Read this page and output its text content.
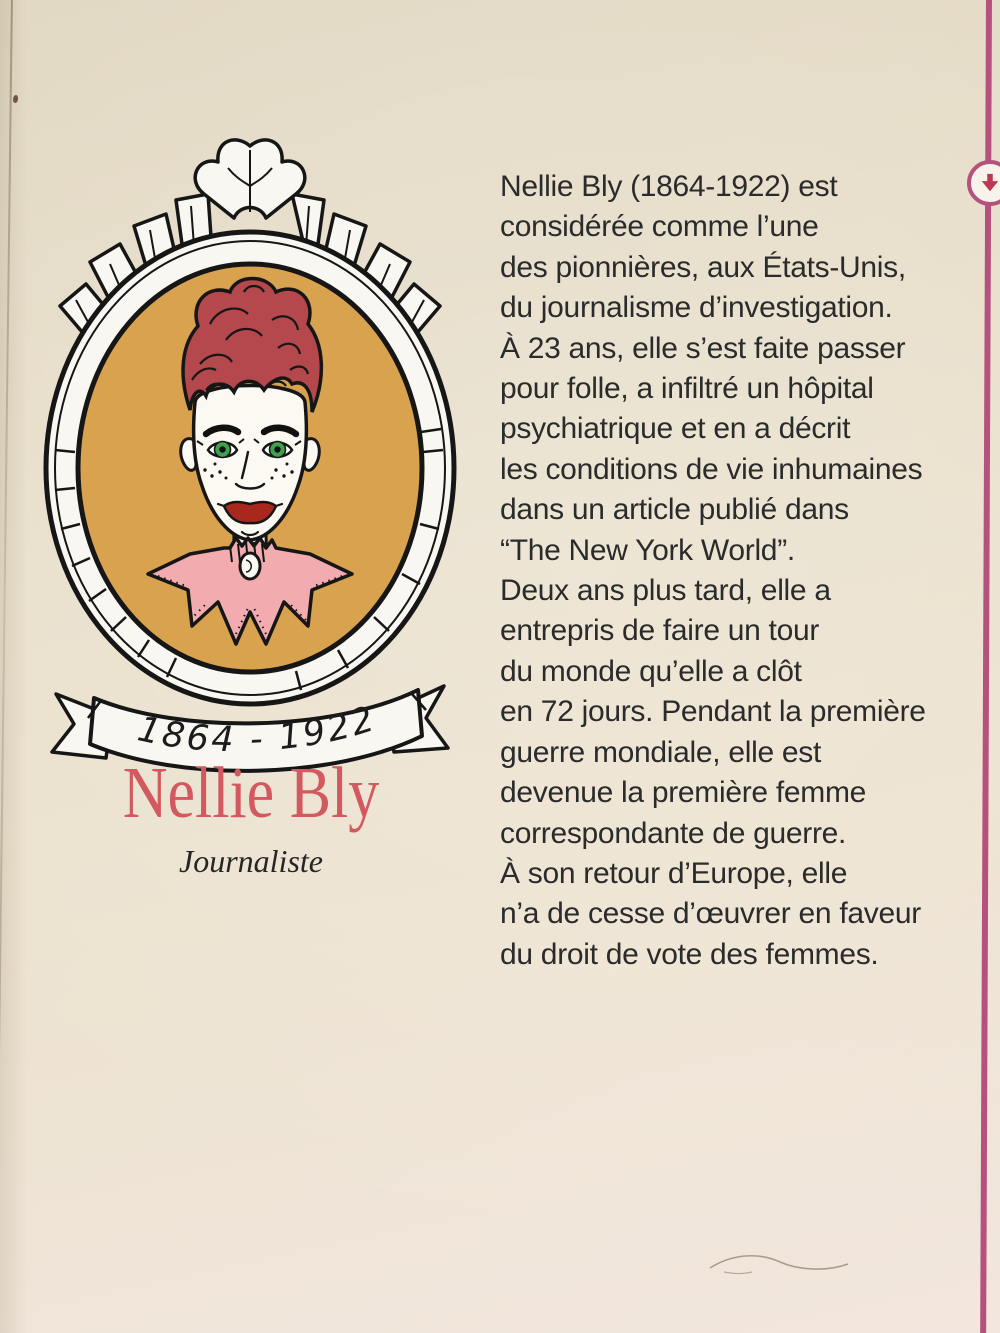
1864 - 1922
Nellie Bly
Journaliste
Nellie Bly (1864-1922) est
considérée comme l’une
des pionnières, aux États-Unis,
du journalisme d’investigation.
À 23 ans, elle s’est faite passer
pour folle, a infiltré un hôpital
psychiatrique et en a décrit
les conditions de vie inhumaines
dans un article publié dans
“The New York World”.
Deux ans plus tard, elle a
entrepris de faire un tour
du monde qu’elle a clôt
en 72 jours. Pendant la première
guerre mondiale, elle est
devenue la première femme
correspondante de guerre.
À son retour d’Europe, elle
n’a de cesse d’œuvrer en faveur
du droit de vote des femmes.
